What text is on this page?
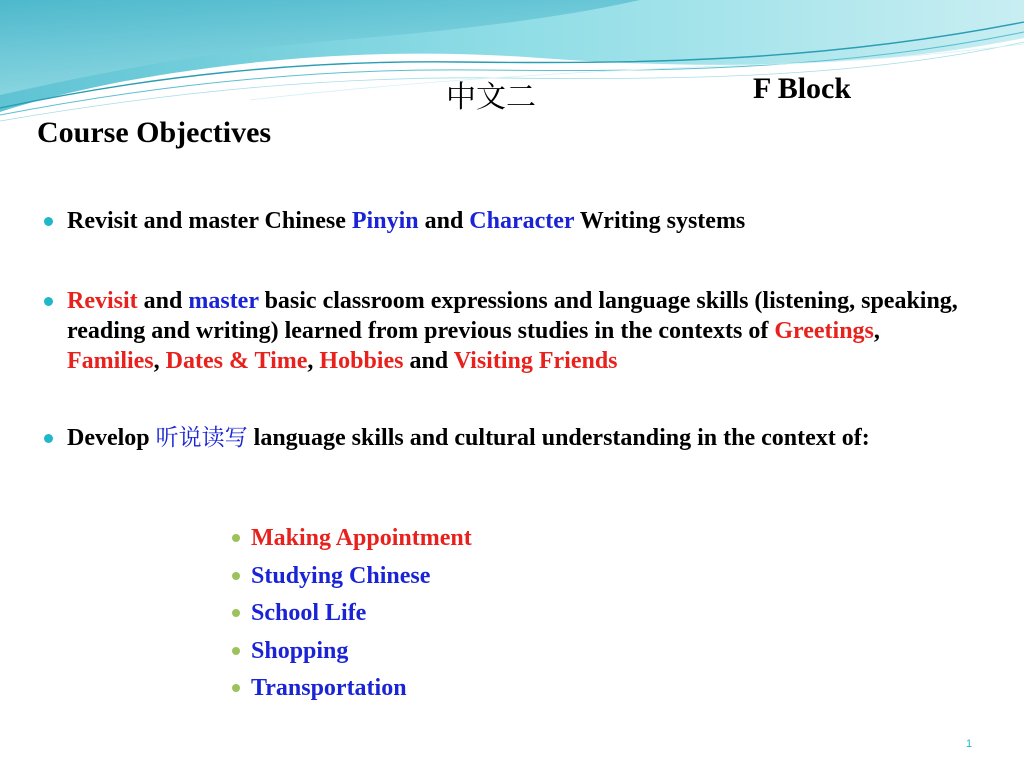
中文二	F Block
Course Objectives
Revisit and master Chinese Pinyin and Character Writing systems
Revisit and master basic classroom expressions and language skills (listening, speaking, reading and writing) learned from previous studies in the contexts of Greetings, Families, Dates & Time, Hobbies and Visiting Friends
Develop 听说读写 language skills and cultural understanding in the context of:
Making Appointment
Studying Chinese
School Life
Shopping
Transportation
1
